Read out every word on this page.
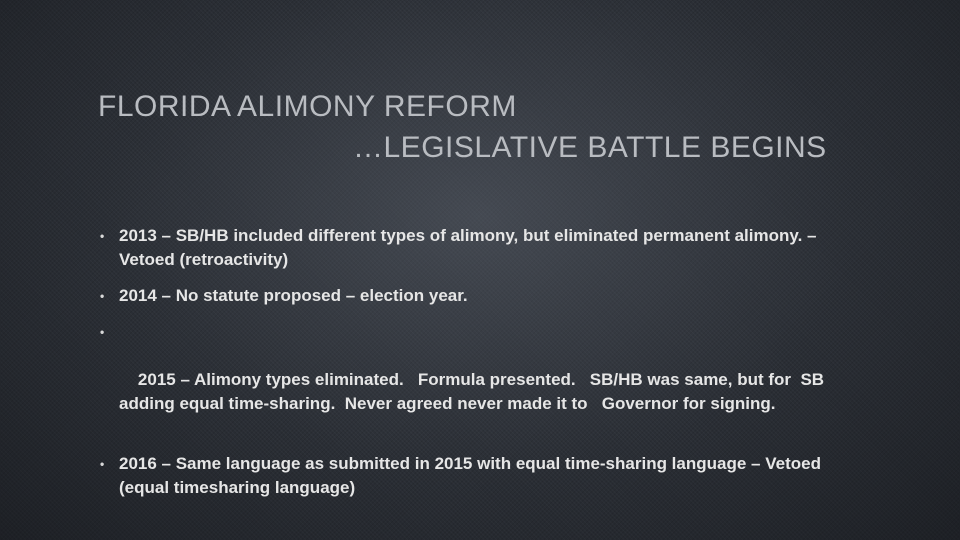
FLORIDA ALIMONY REFORM
…LEGISLATIVE BATTLE BEGINS
• 2013 – SB/HB included different types of alimony, but eliminated permanent alimony. – Vetoed (retroactivity)
• 2014 – No statute proposed – election year.

•

2015 – Alimony types eliminated.   Formula presented.   SB/HB was same, but for  SB adding equal time-sharing.  Never agreed never made it to   Governor for signing.

• 2016 – Same language as submitted in 2015 with equal time-sharing language – Vetoed (equal timesharing language)
